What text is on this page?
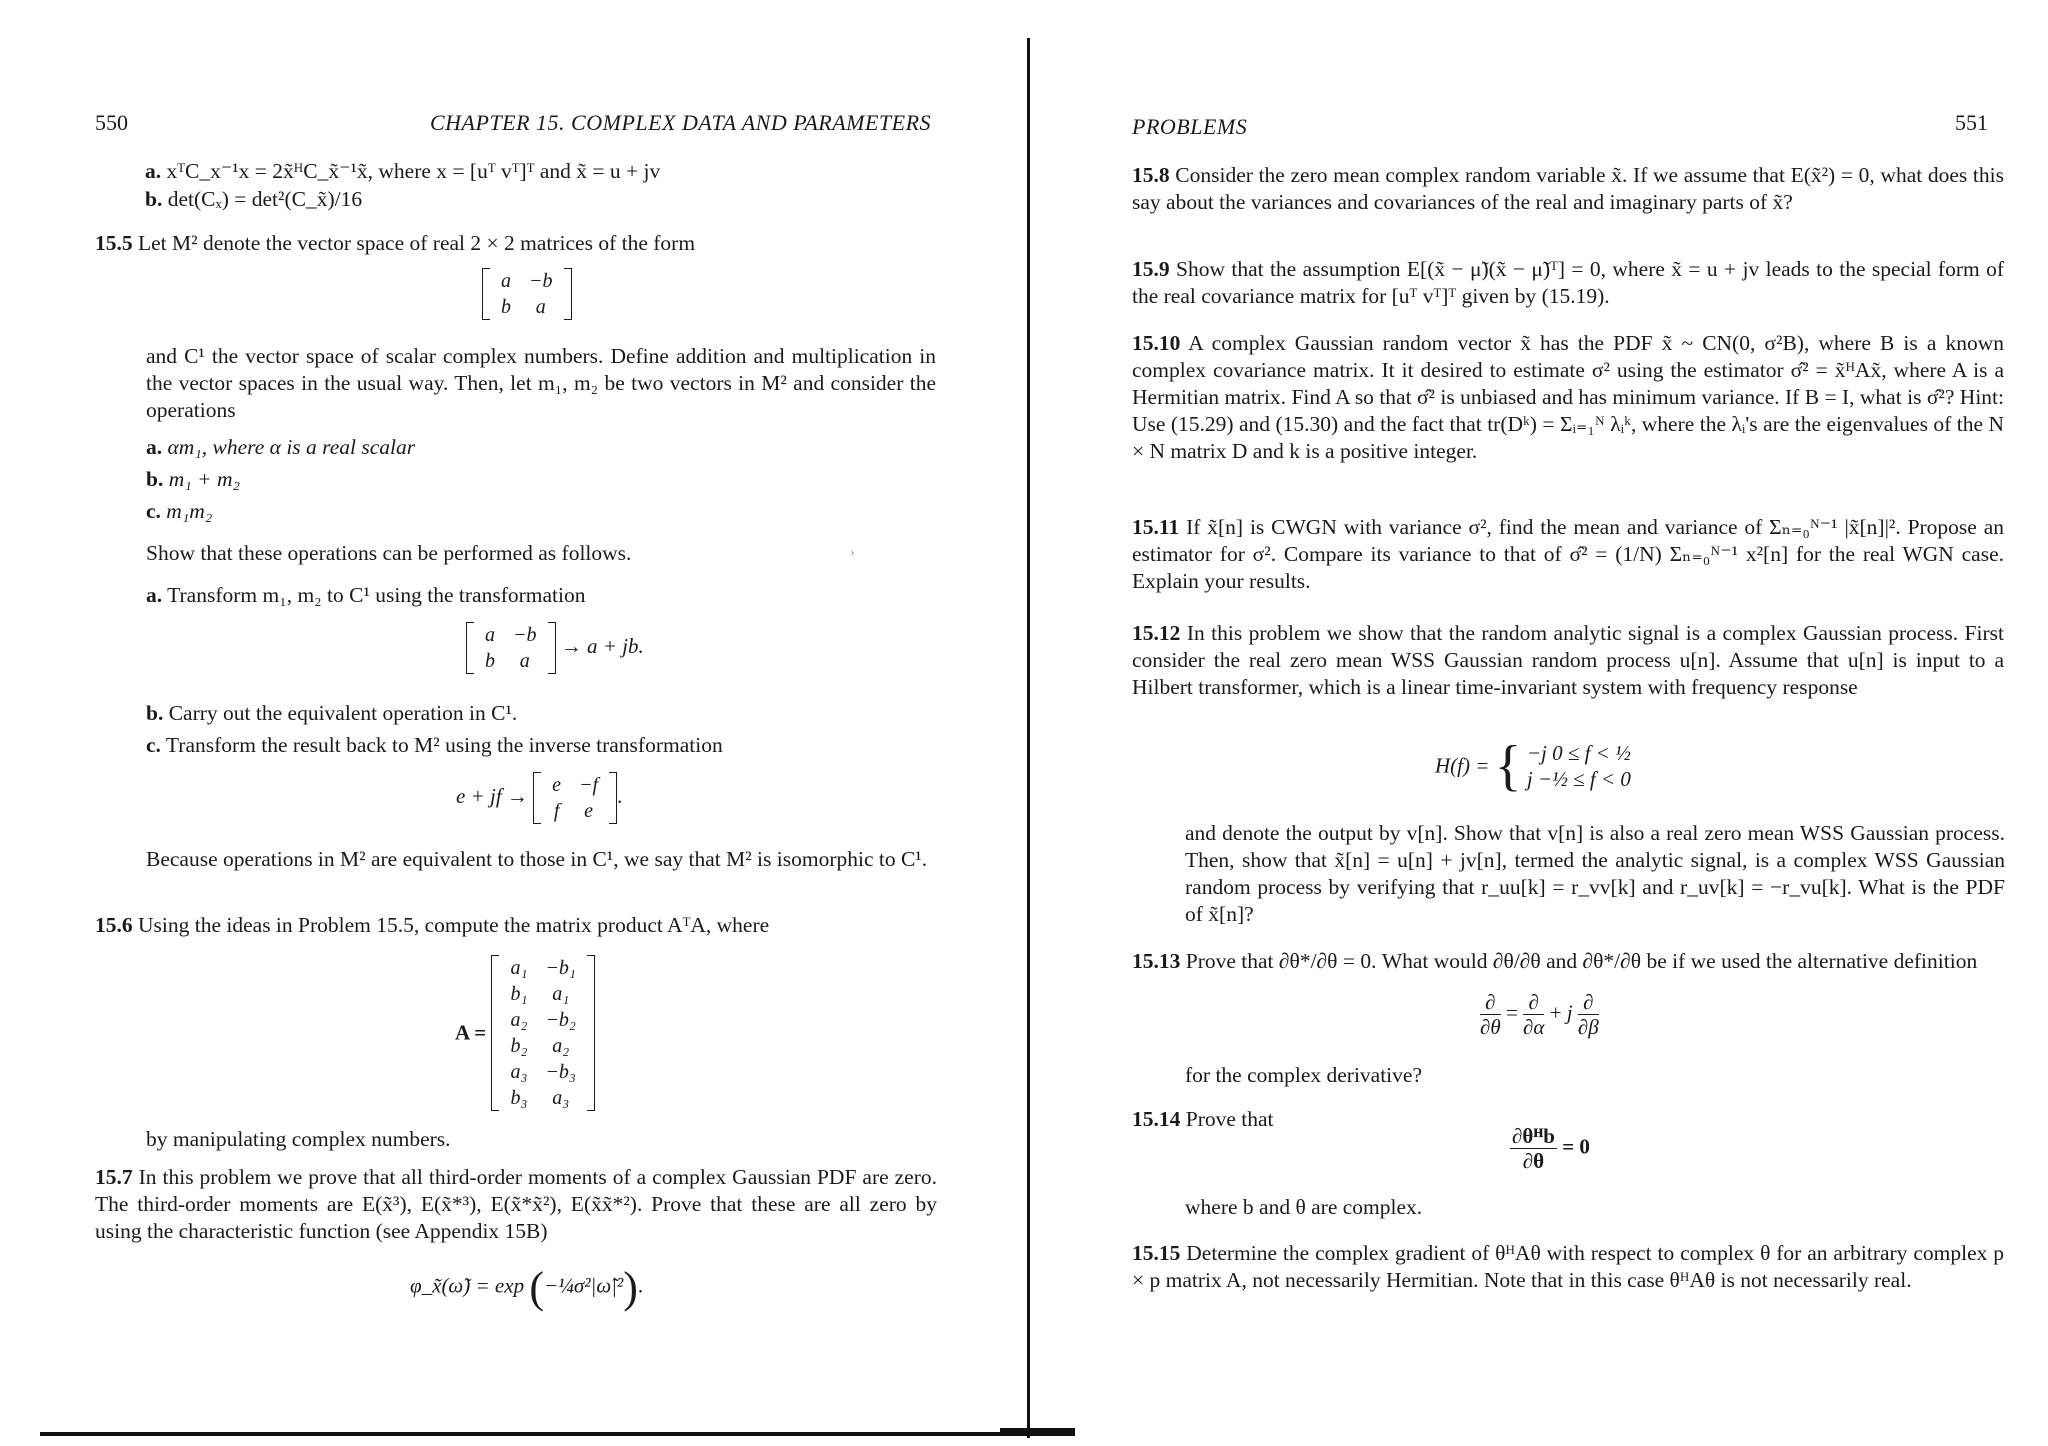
550	CHAPTER 15. COMPLEX DATA AND PARAMETERS
a. xᵀC_x⁻¹x = 2x̃ᴴC_x̃⁻¹x̃, where x = [uᵀ vᵀ]ᵀ and x̃ = u + jv
b. det(Cₓ) = det²(C_x̃)/16
15.5 Let M² denote the vector space of real 2 × 2 matrices of the form
a	−b
b	a
and C¹ the vector space of scalar complex numbers. Define addition and multiplication in the vector spaces in the usual way. Then, let m₁, m₂ be two vectors in M² and consider the operations
a. αm₁, where α is a real scalar
b. m₁ + m₂
c. m₁m₂
Show that these operations can be performed as follows.
a. Transform m₁, m₂ to C¹ using the transformation
a	−b
b	a
→ a + jb.
b. Carry out the equivalent operation in C¹.
c. Transform the result back to M² using the inverse transformation
e + jf → e	−f
f	e
.
Because operations in M² are equivalent to those in C¹, we say that M² is isomorphic to C¹.
15.6 Using the ideas in Problem 15.5, compute the matrix product AᵀA, where
A =
a₁	−b₁
b₁	a₁
a₂	−b₂
b₂	a₂
a₃	−b₃
b₃	a₃
by manipulating complex numbers.
15.7 In this problem we prove that all third-order moments of a complex Gaussian PDF are zero. The third-order moments are E(x̃³), E(x̃*³), E(x̃*x̃²), E(x̃x̃*²). Prove that these are all zero by using the characteristic function (see Appendix 15B)
φ_x̃(ω̃) = exp (−¼σ²|ω̃|²).
›
PROBLEMS	551
15.8 Consider the zero mean complex random variable x̃. If we assume that E(x̃²) = 0, what does this say about the variances and covariances of the real and imaginary parts of x̃?
15.9 Show that the assumption E[(x̃ − μ̃)(x̃ − μ̃)ᵀ] = 0, where x̃ = u + jv leads to the special form of the real covariance matrix for [uᵀ vᵀ]ᵀ given by (15.19).
15.10 A complex Gaussian random vector x̃ has the PDF x̃ ~ CN(0, σ²B), where B is a known complex covariance matrix. It it desired to estimate σ² using the estimator σ̂² = x̃ᴴAx̃, where A is a Hermitian matrix. Find A so that σ̂² is unbiased and has minimum variance. If B = I, what is σ̂²? Hint: Use (15.29) and (15.30) and the fact that tr(Dᵏ) = Σᵢ₌₁ᴺ λᵢᵏ, where the λᵢ's are the eigenvalues of the N × N matrix D and k is a positive integer.
15.11 If x̃[n] is CWGN with variance σ², find the mean and variance of Σₙ₌₀ᴺ⁻¹ |x̃[n]|². Propose an estimator for σ². Compare its variance to that of σ̂² = (1/N) Σₙ₌₀ᴺ⁻¹ x²[n] for the real WGN case. Explain your results.
15.12 In this problem we show that the random analytic signal is a complex Gaussian process. First consider the real zero mean WSS Gaussian random process u[n]. Assume that u[n] is input to a Hilbert transformer, which is a linear time-invariant system with frequency response
H(f) = { −j 0 ≤ f < ½
j −½ ≤ f < 0
and denote the output by v[n]. Show that v[n] is also a real zero mean WSS Gaussian process. Then, show that x̃[n] = u[n] + jv[n], termed the analytic signal, is a complex WSS Gaussian random process by verifying that r_uu[k] = r_vv[k] and r_uv[k] = −r_vu[k]. What is the PDF of x̃[n]?
15.13 Prove that ∂θ*/∂θ = 0. What would ∂θ/∂θ and ∂θ*/∂θ be if we used the alternative definition
$\frac{\partial}{\partial\theta} = \frac{\partial}{\partial\alpha} + j \frac{\partial}{\partial\beta}$
for the complex derivative?
15.14 Prove that
$\frac{\text{∂θᴴb}}{\partial\theta} = 0$
where b and θ are complex.
15.15 Determine the complex gradient of θᴴAθ with respect to complex θ for an arbitrary complex p × p matrix A, not necessarily Hermitian. Note that in this case θᴴAθ is not necessarily real.
